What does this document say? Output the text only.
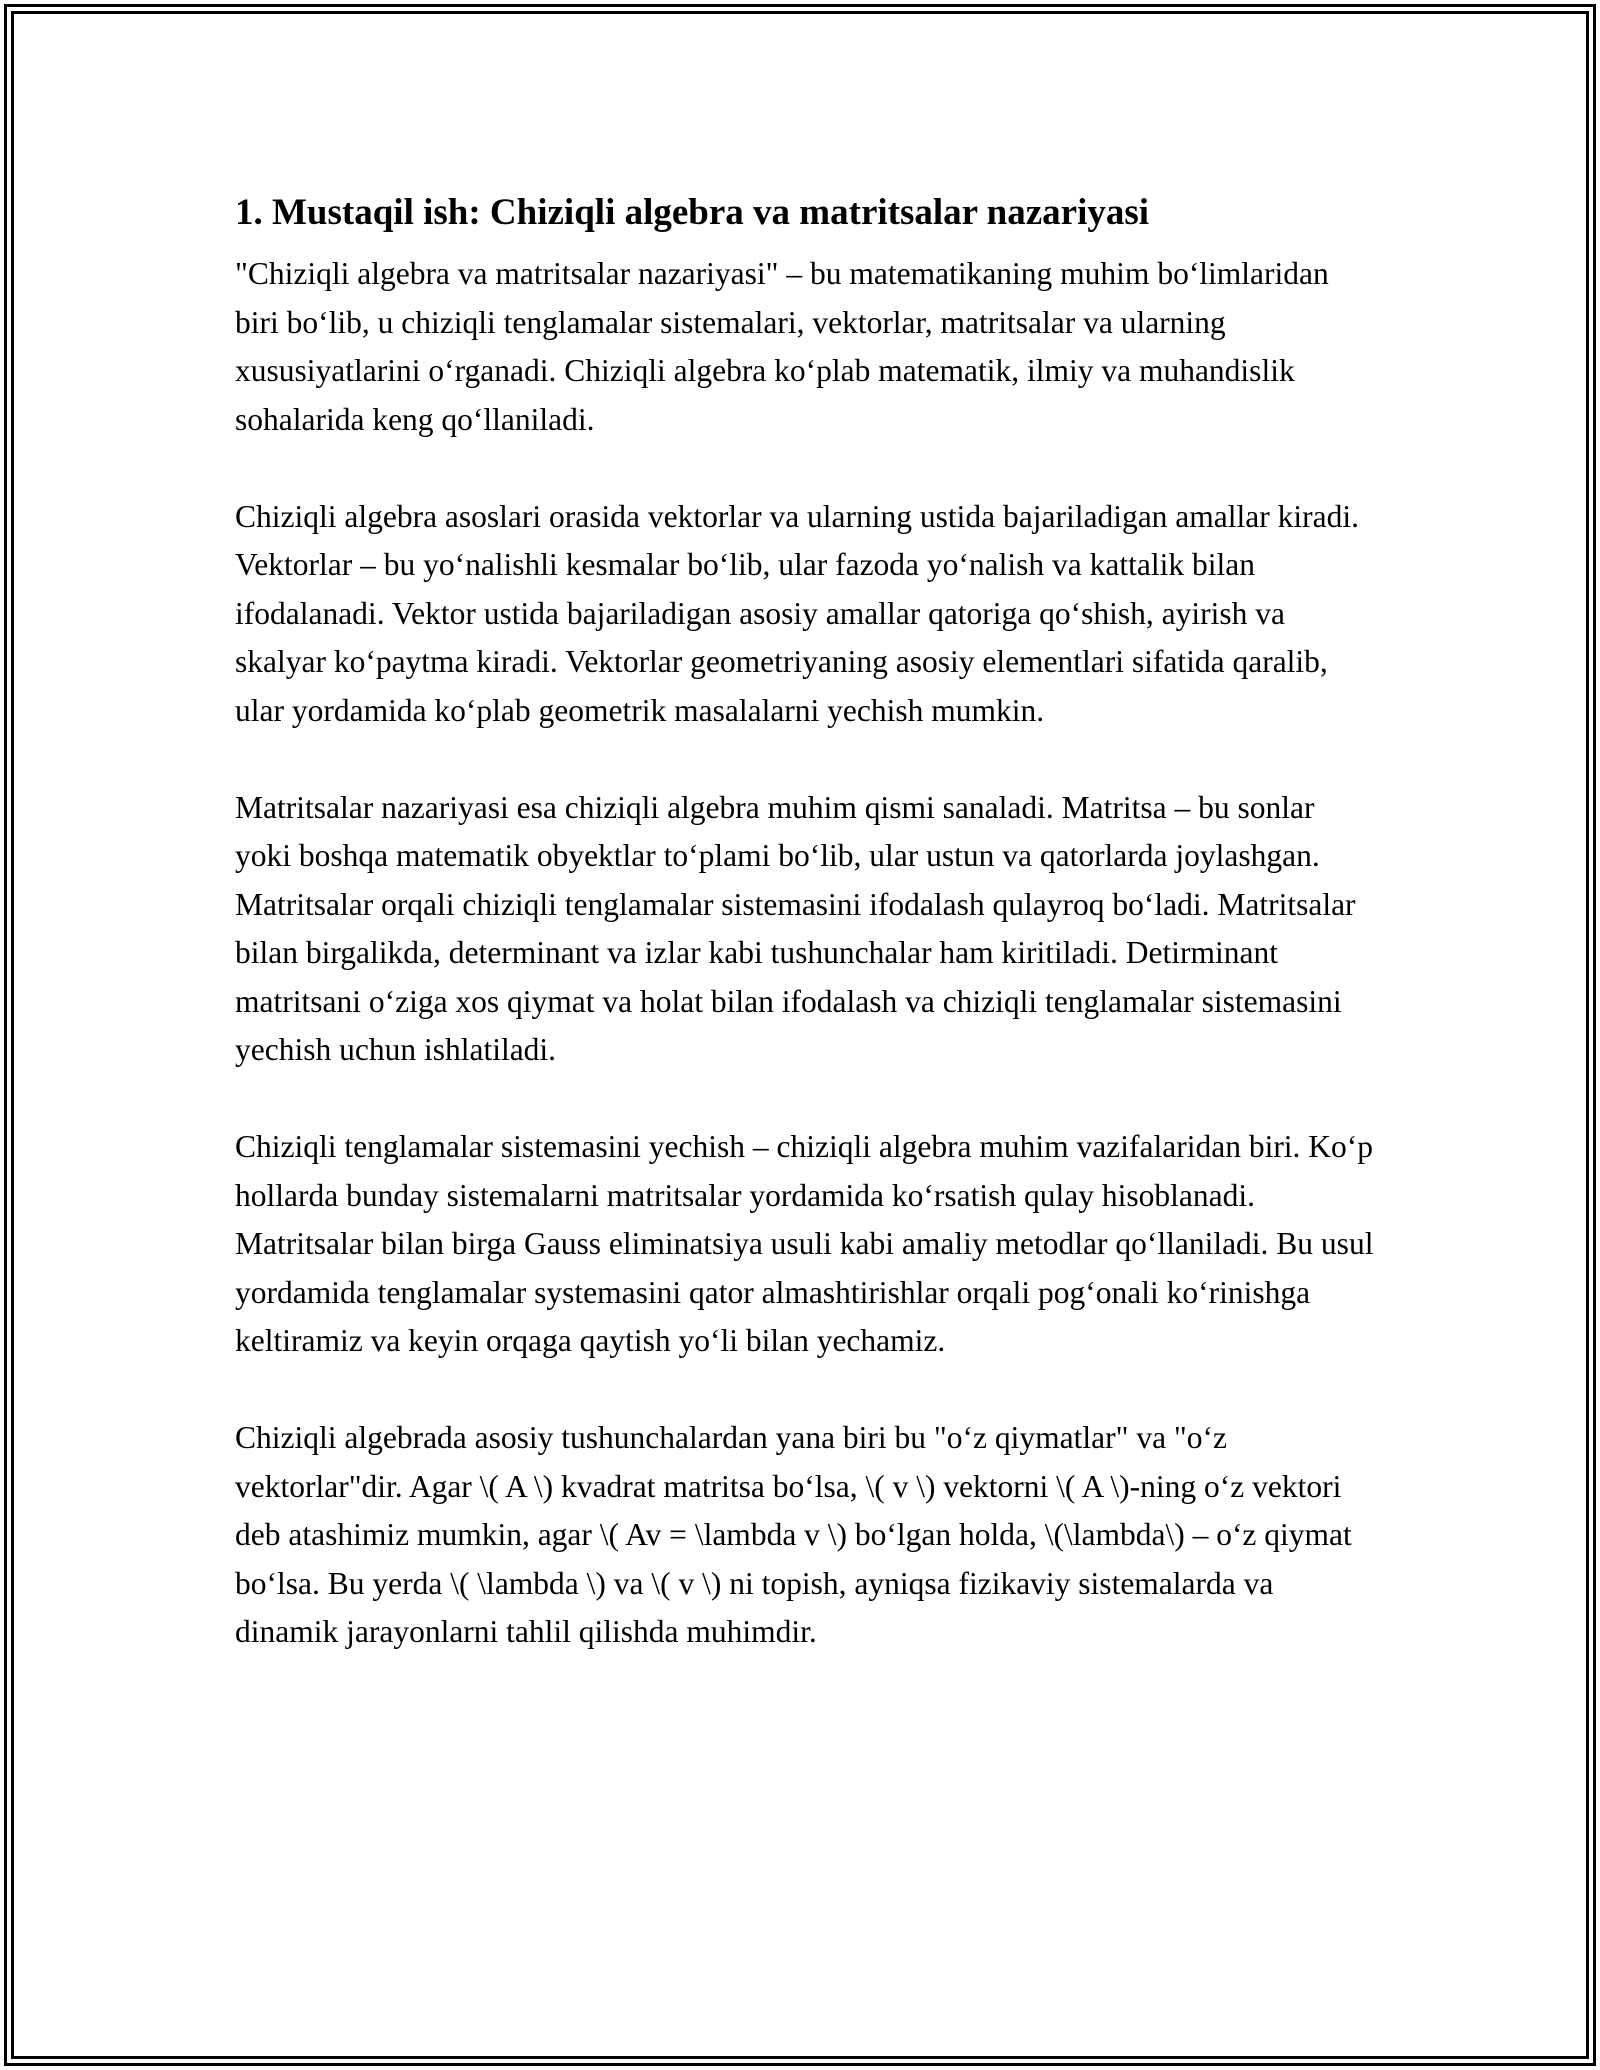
1. Mustaqil ish: Chiziqli algebra va matritsalar nazariyasi

"Chiziqli algebra va matritsalar nazariyasi" – bu matematikaning muhim bo‘limlaridan biri bo‘lib, u chiziqli tenglamalar sistemalari, vektorlar, matritsalar va ularning xususiyatlarini o‘rganadi. Chiziqli algebra ko‘plab matematik, ilmiy va muhandislik sohalarida keng qo‘llaniladi.

Chiziqli algebra asoslari orasida vektorlar va ularning ustida bajariladigan amallar kiradi. Vektorlar – bu yo‘nalishli kesmalar bo‘lib, ular fazoda yo‘nalish va kattalik bilan ifodalanadi. Vektor ustida bajariladigan asosiy amallar qatoriga qo‘shish, ayirish va skalyar ko‘paytma kiradi. Vektorlar geometriyaning asosiy elementlari sifatida qaralib, ular yordamida ko‘plab geometrik masalalarni yechish mumkin.

Matritsalar nazariyasi esa chiziqli algebra muhim qismi sanaladi. Matritsa – bu sonlar yoki boshqa matematik obyektlar to‘plami bo‘lib, ular ustun va qatorlarda joylashgan. Matritsalar orqali chiziqli tenglamalar sistemasini ifodalash qulayroq bo‘ladi. Matritsalar bilan birgalikda, determinant va izlar kabi tushunchalar ham kiritiladi. Detirminant matritsani o‘ziga xos qiymat va holat bilan ifodalash va chiziqli tenglamalar sistemasini yechish uchun ishlatiladi.

Chiziqli tenglamalar sistemasini yechish – chiziqli algebra muhim vazifalaridan biri. Ko‘p hollarda bunday sistemalarni matritsalar yordamida ko‘rsatish qulay hisoblanadi. Matritsalar bilan birga Gauss eliminatsiya usuli kabi amaliy metodlar qo‘llaniladi. Bu usul yordamida tenglamalar systemasini qator almashtirishlar orqali pog‘onali ko‘rinishga keltiramiz va keyin orqaga qaytish yo‘li bilan yechamiz.

Chiziqli algebrada asosiy tushunchalardan yana biri bu "o‘z qiymatlar" va "o‘z vektorlar"dir. Agar \( A \) kvadrat matritsa bo‘lsa, \( v \) vektorni \( A \)-ning o‘z vektori deb atashimiz mumkin, agar \( Av = \lambda v \) bo‘lgan holda, \(\lambda\) – o‘z qiymat bo‘lsa. Bu yerda \( \lambda \) va \( v \) ni topish, ayniqsa fizikaviy sistemalarda va dinamik jarayonlarni tahlil qilishda muhimdir.
